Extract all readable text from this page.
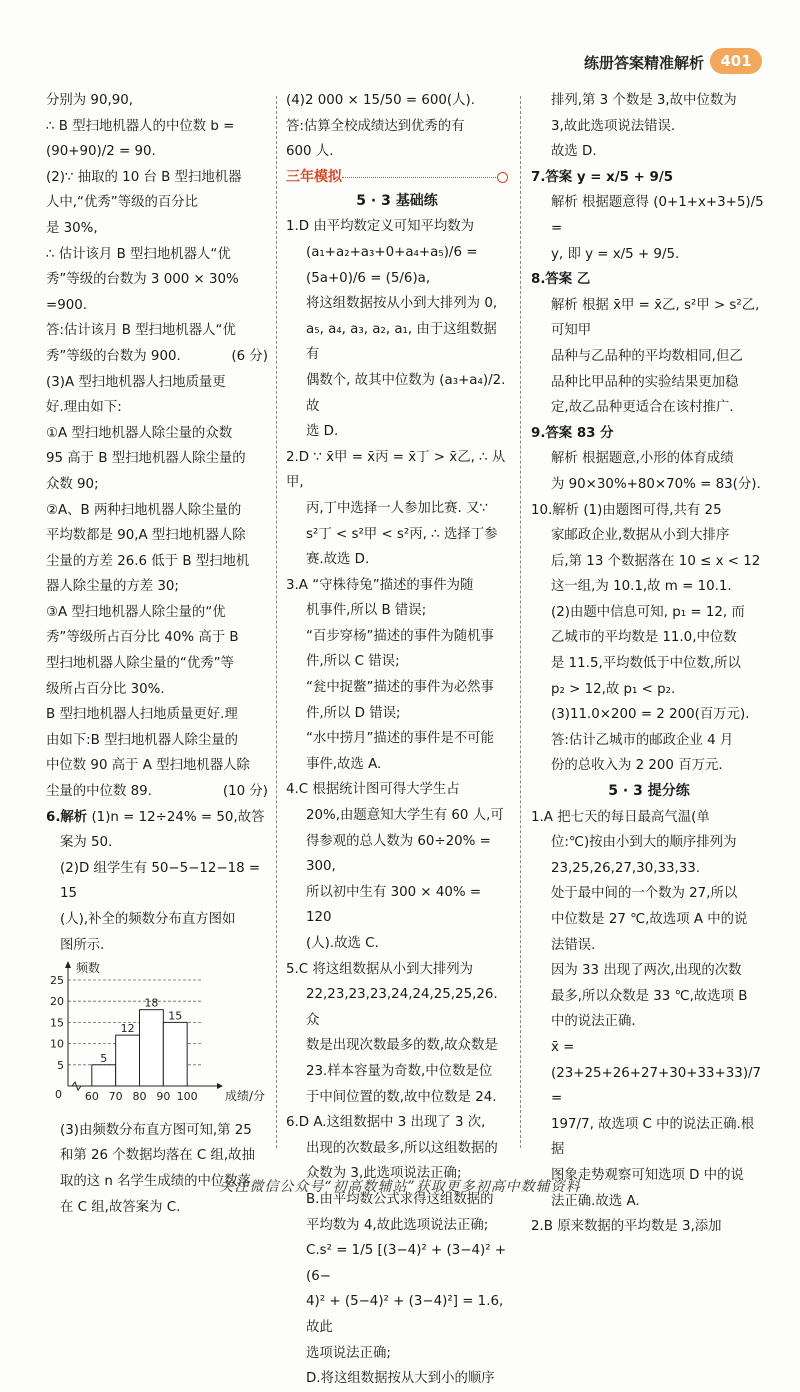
练册答案精准解析	401

分别为 90,90,

∴ B 型扫地机器人的中位数 b =

(90+90)/2 = 90.

(2)∵ 抽取的 10 台 B 型扫地机器

人中,“优秀”等级的百分比

是 30%,

∴ 估计该月 B 型扫地机器人“优

秀”等级的台数为 3 000 × 30%

=900.

答:估计该月 B 型扫地机器人“优

秀”等级的台数为 900.	(6 分)

(3)A 型扫地机器人扫地质量更

好.理由如下:

①A 型扫地机器人除尘量的众数

95 高于 B 型扫地机器人除尘量的

众数 90;

②A、B 两种扫地机器人除尘量的

平均数都是 90,A 型扫地机器人除

尘量的方差 26.6 低于 B 型扫地机

器人除尘量的方差 30;

③A 型扫地机器人除尘量的“优

秀”等级所占百分比 40% 高于 B

型扫地机器人除尘量的“优秀”等

级所占百分比 30%.

B 型扫地机器人扫地质量更好.理

由如下:B 型扫地机器人除尘量的

中位数 90 高于 A 型扫地机器人除

尘量的中位数 89.	(10 分)

6.解析 (1)n = 12÷24% = 50,故答

案为 50.

(2)D 组学生有 50−5−12−18 = 15

(人),补全的频数分布直方图如

图所示.

5
10
15
20
25
5
12
18
15
60 70 80 90 100
0
频数
成绩/分

(3)由频数分布直方图可知,第 25

和第 26 个数据均落在 C 组,故抽

取的这 n 名学生成绩的中位数落

在 C 组,故答案为 C.

(4)2 000 × 15/50 = 600(人).

答:估算全校成绩达到优秀的有

600 人.

三年模拟

5 · 3 基础练

1.D 由平均数定义可知平均数为

(a₁+a₂+a₃+0+a₄+a₅)/6 = (5a+0)/6 = (5/6)a,

将这组数据按从小到大排列为 0,

a₅, a₄, a₃, a₂, a₁, 由于这组数据有

偶数个, 故其中位数为 (a₃+a₄)/2. 故

选 D.

2.D ∵ x̄甲 = x̄丙 = x̄丁 > x̄乙, ∴ 从甲,

丙,丁中选择一人参加比赛. 又∵

s²丁 < s²甲 < s²丙, ∴ 选择丁参赛.故选 D.

3.A “守株待兔”描述的事件为随

机事件,所以 B 错误;

“百步穿杨”描述的事件为随机事

件,所以 C 错误;

“瓮中捉鳖”描述的事件为必然事

件,所以 D 错误;

“水中捞月”描述的事件是不可能

事件,故选 A.

4.C 根据统计图可得大学生占

20%,由题意知大学生有 60 人,可

得参观的总人数为 60÷20% = 300,

所以初中生有 300 × 40% = 120

(人).故选 C.

5.C 将这组数据从小到大排列为

22,23,23,23,24,24,25,25,26.众

数是出现次数最多的数,故众数是

23.样本容量为奇数,中位数是位

于中间位置的数,故中位数是 24.

6.D A.这组数据中 3 出现了 3 次,

出现的次数最多,所以这组数据的

众数为 3,此选项说法正确;

B.由平均数公式求得这组数据的

平均数为 4,故此选项说法正确;

C.s² = 1/5 [(3−4)² + (3−4)² + (6−

4)² + (5−4)² + (3−4)²] = 1.6,故此

选项说法正确;

D.将这组数据按从大到小的顺序

排列,第 3 个数是 3,故中位数为

3,故此选项说法错误.

故选 D.

7.答案 y = x/5 + 9/5

解析 根据题意得 (0+1+x+3+5)/5 =

y, 即 y = x/5 + 9/5.

8.答案 乙

解析 根据 x̄甲 = x̄乙, s²甲 > s²乙, 可知甲

品种与乙品种的平均数相同,但乙

品种比甲品种的实验结果更加稳

定,故乙品种更适合在该村推广.

9.答案 83 分

解析 根据题意,小形的体育成绩

为 90×30%+80×70% = 83(分).

10.解析 (1)由题图可得,共有 25

家邮政企业,数据从小到大排序

后,第 13 个数据落在 10 ≤ x < 12

这一组,为 10.1,故 m = 10.1.

(2)由题中信息可知, p₁ = 12, 而

乙城市的平均数是 11.0,中位数

是 11.5,平均数低于中位数,所以

p₂ > 12,故 p₁ < p₂.

(3)11.0×200 = 2 200(百万元).

答:估计乙城市的邮政企业 4 月

份的总收入为 2 200 百万元.

5 · 3 提分练

1.A 把七天的每日最高气温(单

位:℃)按由小到大的顺序排列为

23,25,26,27,30,33,33.

处于最中间的一个数为 27,所以

中位数是 27 ℃,故选项 A 中的说

法错误.

因为 33 出现了两次,出现的次数

最多,所以众数是 33 ℃,故选项 B

中的说法正确.

x̄ = (23+25+26+27+30+33+33)/7 =

197/7, 故选项 C 中的说法正确.根据

图象走势观察可知选项 D 中的说

法正确.故选 A.

2.B 原来数据的平均数是 3,添加

关注微信公众号“初高数辅站”获取更多初高中数辅资料
